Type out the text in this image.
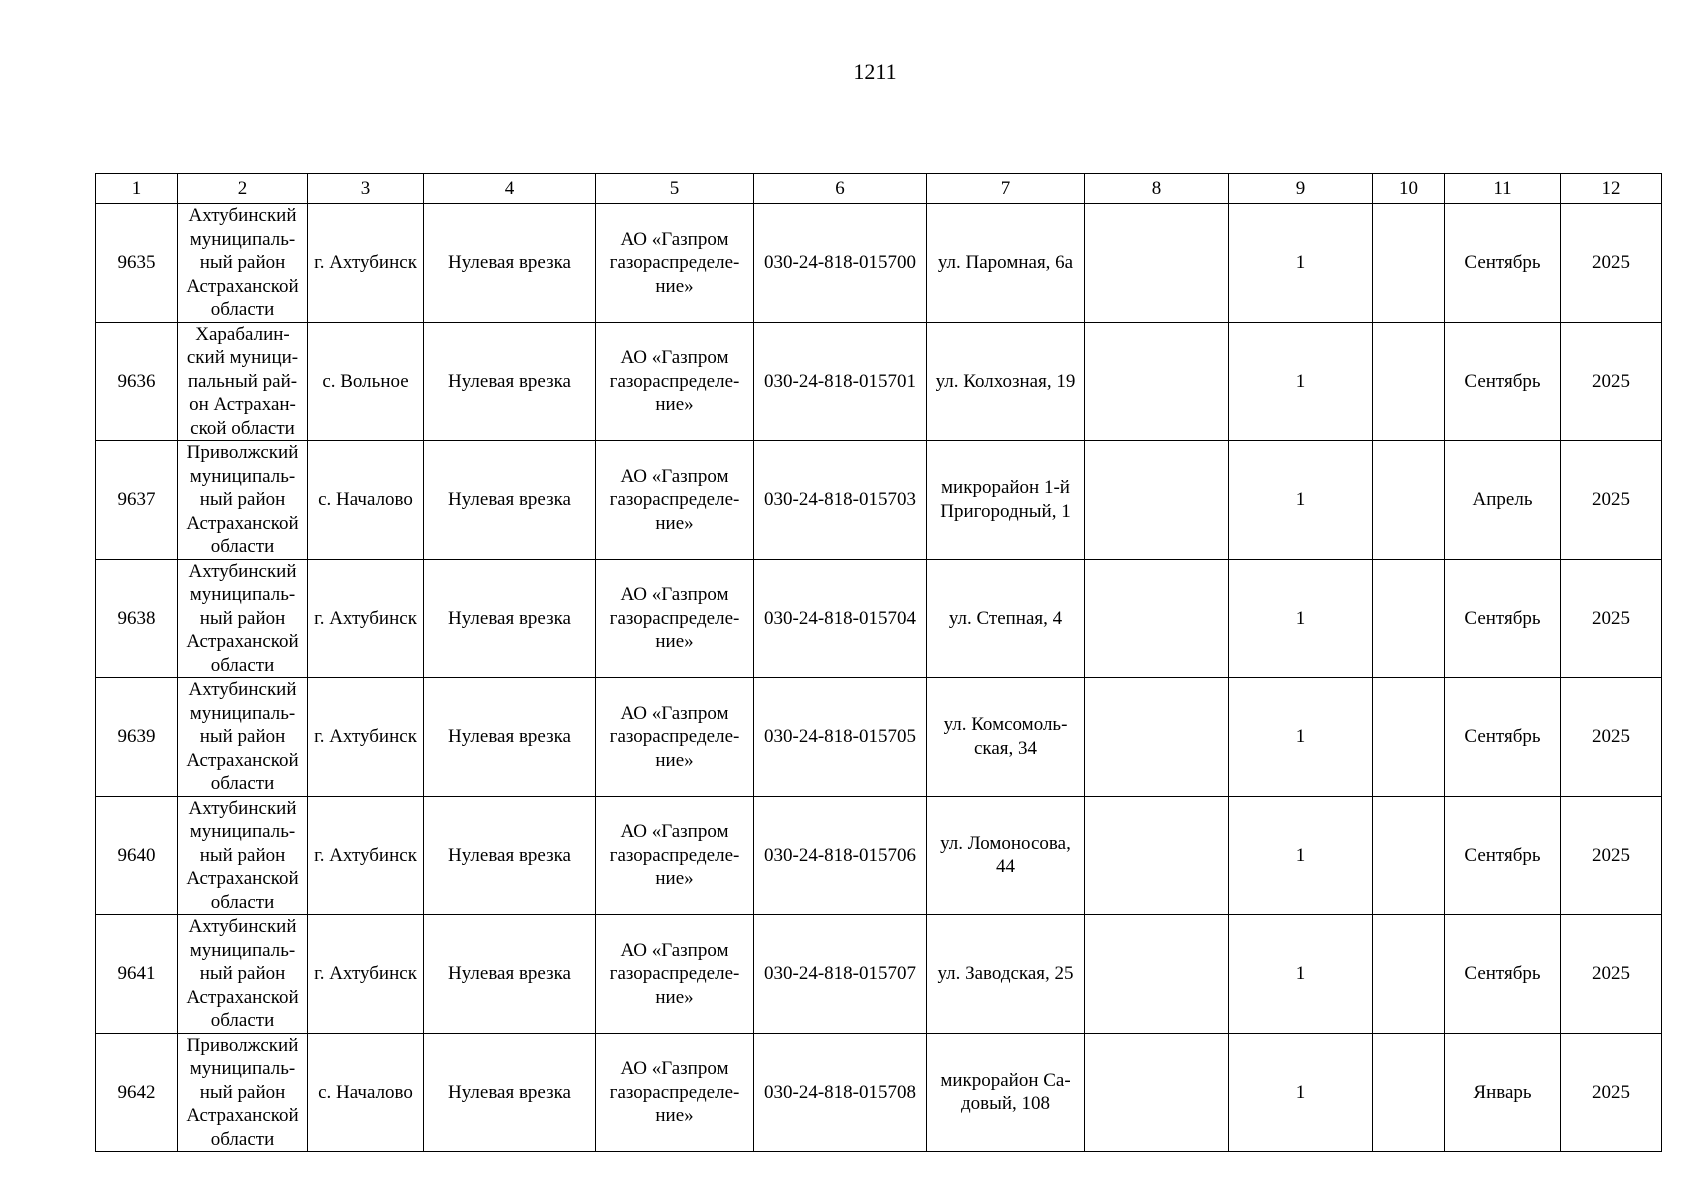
1211
1	2	3	4	5	6	7	8	9	10	11	12
9635	Ахтубинский
муниципаль-
ный район
Астраханской
области	г. Ахтубинск	Нулевая врезка	АО «Газпром
газораспределе-
ние»	030-24-818-015700	ул. Паромная, 6а		1		Сентябрь	2025
9636	Харабалин-
ский муници-
пальный рай-
он Астрахан-
ской области	с. Вольное	Нулевая врезка	АО «Газпром
газораспределе-
ние»	030-24-818-015701	ул. Колхозная, 19		1		Сентябрь	2025
9637	Приволжский
муниципаль-
ный район
Астраханской
области	с. Началово	Нулевая врезка	АО «Газпром
газораспределе-
ние»	030-24-818-015703	микрорайон 1-й
Пригородный, 1		1		Апрель	2025
9638	Ахтубинский
муниципаль-
ный район
Астраханской
области	г. Ахтубинск	Нулевая врезка	АО «Газпром
газораспределе-
ние»	030-24-818-015704	ул. Степная, 4		1		Сентябрь	2025
9639	Ахтубинский
муниципаль-
ный район
Астраханской
области	г. Ахтубинск	Нулевая врезка	АО «Газпром
газораспределе-
ние»	030-24-818-015705	ул. Комсомоль-
ская, 34		1		Сентябрь	2025
9640	Ахтубинский
муниципаль-
ный район
Астраханской
области	г. Ахтубинск	Нулевая врезка	АО «Газпром
газораспределе-
ние»	030-24-818-015706	ул. Ломоносова,
44		1		Сентябрь	2025
9641	Ахтубинский
муниципаль-
ный район
Астраханской
области	г. Ахтубинск	Нулевая врезка	АО «Газпром
газораспределе-
ние»	030-24-818-015707	ул. Заводская, 25		1		Сентябрь	2025
9642	Приволжский
муниципаль-
ный район
Астраханской
области	с. Началово	Нулевая врезка	АО «Газпром
газораспределе-
ние»	030-24-818-015708	микрорайон Са-
довый, 108		1		Январь	2025
